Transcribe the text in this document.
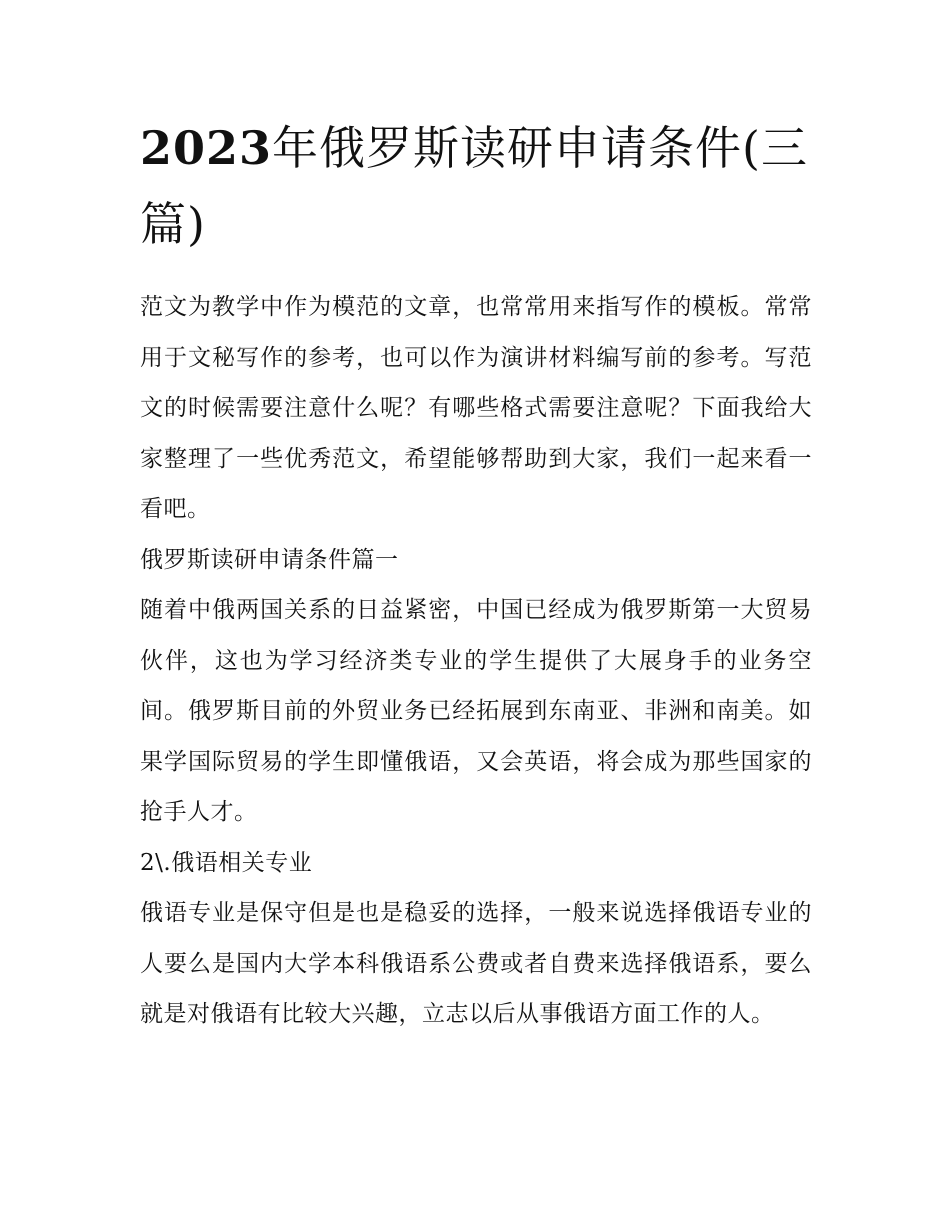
2023年俄罗斯读研申请条件(三篇)

范文为教学中作为模范的文章，也常常用来指写作的模板。常常用于文秘写作的参考，也可以作为演讲材料编写前的参考。写范文的时候需要注意什么呢？有哪些格式需要注意呢？下面我给大家整理了一些优秀范文，希望能够帮助到大家，我们一起来看一看吧。

俄罗斯读研申请条件篇一

随着中俄两国关系的日益紧密，中国已经成为俄罗斯第一大贸易伙伴，这也为学习经济类专业的学生提供了大展身手的业务空间。俄罗斯目前的外贸业务已经拓展到东南亚、非洲和南美。如果学国际贸易的学生即懂俄语，又会英语，将会成为那些国家的抢手人才。

2\.俄语相关专业

俄语专业是保守但是也是稳妥的选择，一般来说选择俄语专业的人要么是国内大学本科俄语系公费或者自费来选择俄语系，要么就是对俄语有比较大兴趣，立志以后从事俄语方面工作的人。
